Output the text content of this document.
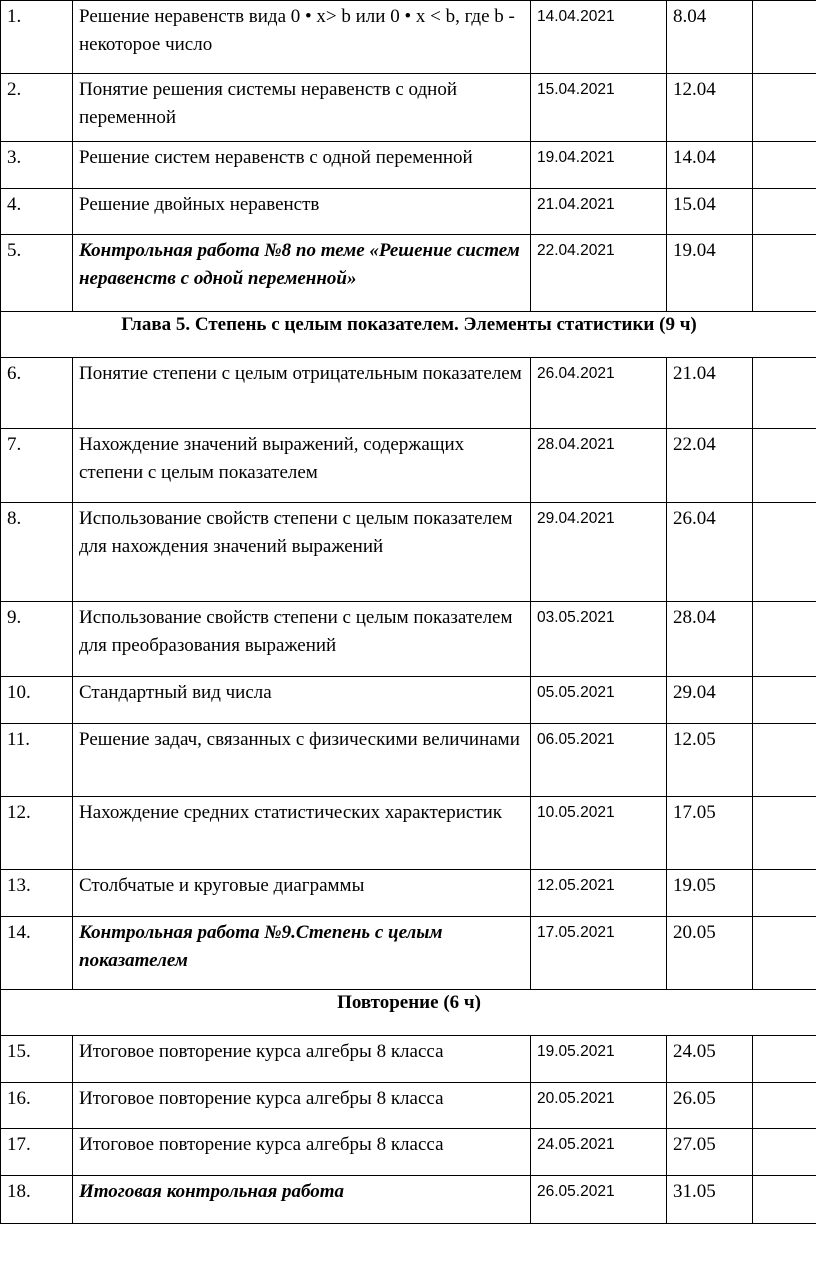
1.	Решение неравенств вида 0 • х> b или 0 • х < b, где b - некоторое число	14.04.2021	8.04	
2.	Понятие решения системы неравенств с одной переменной	15.04.2021	12.04	
3.	Решение систем неравенств с одной переменной	19.04.2021	14.04	
4.	Решение двойных неравенств	21.04.2021	15.04	
5.	Контрольная работа №8 по теме «Решение систем неравенств с одной переменной»	22.04.2021	19.04	
Глава 5. Степень с целым показателем. Элементы статистики (9 ч)				
6.	Понятие степени с целым отрицательным показателем	26.04.2021	21.04	
7.	Нахождение значений выражений, содержащих степени с целым показателем	28.04.2021	22.04	
8.	Использование свойств степени с целым показателем для нахождения значений выражений	29.04.2021	26.04	
9.	Использование свойств степени с целым показателем для преобразования выражений	03.05.2021	28.04	
10.	Стандартный вид числа	05.05.2021	29.04	
11.	Решение задач, связанных с физическими величинами	06.05.2021	12.05	
12.	Нахождение средних статистических характеристик	10.05.2021	17.05	
13.	Столбчатые и круговые диаграммы	12.05.2021	19.05	
14.	Контрольная работа №9.Степень с целым показателем	17.05.2021	20.05	
Повторение (6 ч)				
15.	Итоговое повторение курса алгебры 8 класса	19.05.2021	24.05	
16.	Итоговое повторение курса алгебры 8 класса	20.05.2021	26.05	
17.	Итоговое повторение курса алгебры 8 класса	24.05.2021	27.05	
18.	Итоговая контрольная работа	26.05.2021	31.05	
